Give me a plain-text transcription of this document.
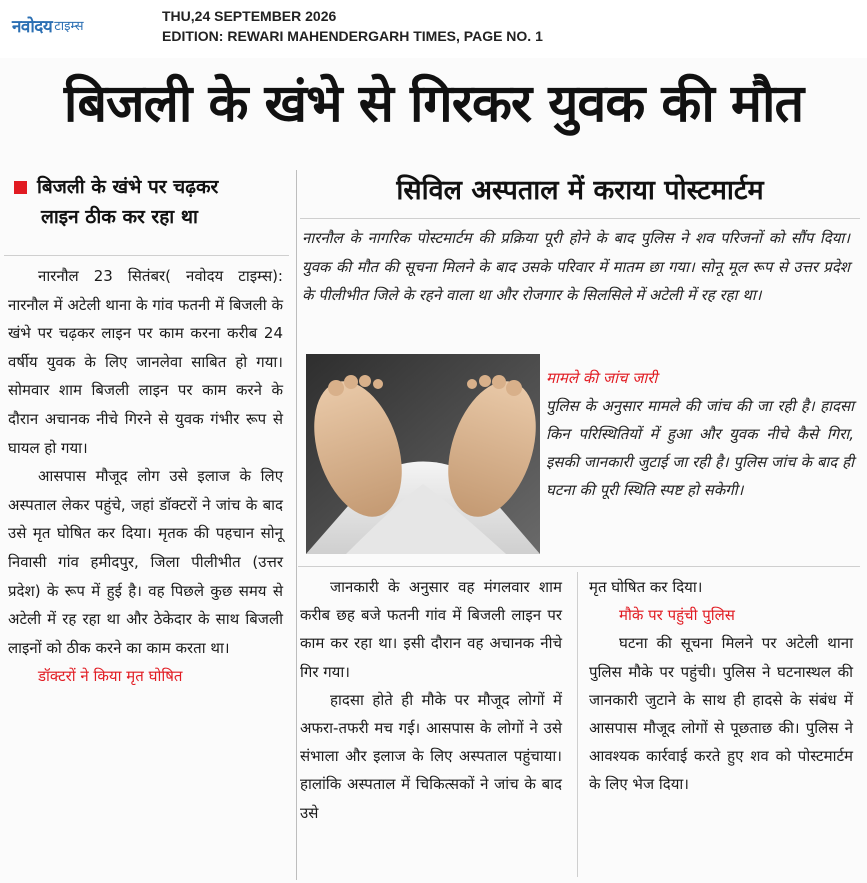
नवोदय टाइम्स
THU,24 SEPTEMBER 2026
EDITION: REWARI MAHENDERGARH TIMES, PAGE NO. 1
बिजली के खंभे से गिरकर युवक की मौत
बिजली के खंभे पर चढ़कर
लाइन ठीक कर रहा था

नारनौल 23 सितंबर( नवोदय टाइम्स): नारनौल में अटेली थाना के गांव फतनी में बिजली के खंभे पर चढ़कर लाइन पर काम करना करीब 24 वर्षीय युवक के लिए जानलेवा साबित हो गया। सोमवार शाम बिजली लाइन पर काम करने के दौरान अचानक नीचे गिरने से युवक गंभीर रूप से घायल हो गया।

आसपास मौजूद लोग उसे इलाज के लिए अस्पताल लेकर पहुंचे, जहां डॉक्टरों ने जांच के बाद उसे मृत घोषित कर दिया। मृतक की पहचान सोनू निवासी गांव हमीदपुर, जिला पीलीभीत (उत्तर प्रदेश) के रूप में हुई है। वह पिछले कुछ समय से अटेली में रह रहा था और ठेकेदार के साथ बिजली लाइनों को ठीक करने का काम करता था।

डॉक्टरों ने किया मृत घोषित

सिविल अस्पताल में कराया पोस्टमार्टम

नारनौल के नागरिक पोस्टमार्टम की प्रक्रिया पूरी होने के बाद पुलिस ने शव परिजनों को सौंप दिया। युवक की मौत की सूचना मिलने के बाद उसके परिवार में मातम छा गया। सोनू मूल रूप से उत्तर प्रदेश के पीलीभीत जिले के रहने वाला था और रोजगार के सिलसिले में अटेली में रह रहा था।

मामले की जांच जारी

पुलिस के अनुसार मामले की जांच की जा रही है। हादसा किन परिस्थितियों में हुआ और युवक नीचे कैसे गिरा, इसकी जानकारी जुटाई जा रही है। पुलिस जांच के बाद ही घटना की पूरी स्थिति स्पष्ट हो सकेगी।

जानकारी के अनुसार वह मंगलवार शाम करीब छह बजे फतनी गांव में बिजली लाइन पर काम कर रहा था। इसी दौरान वह अचानक नीचे गिर गया।

हादसा होते ही मौके पर मौजूद लोगों में अफरा-तफरी मच गई। आसपास के लोगों ने उसे संभाला और इलाज के लिए अस्पताल पहुंचाया। हालांकि अस्पताल में चिकित्सकों ने जांच के बाद उसे

मृत घोषित कर दिया।

मौके पर पहुंची पुलिस

घटना की सूचना मिलने पर अटेली थाना पुलिस मौके पर पहुंची। पुलिस ने घटनास्थल की जानकारी जुटाने के साथ ही हादसे के संबंध में आसपास मौजूद लोगों से पूछताछ की। पुलिस ने आवश्यक कार्रवाई करते हुए शव को पोस्टमार्टम के लिए भेज दिया।
